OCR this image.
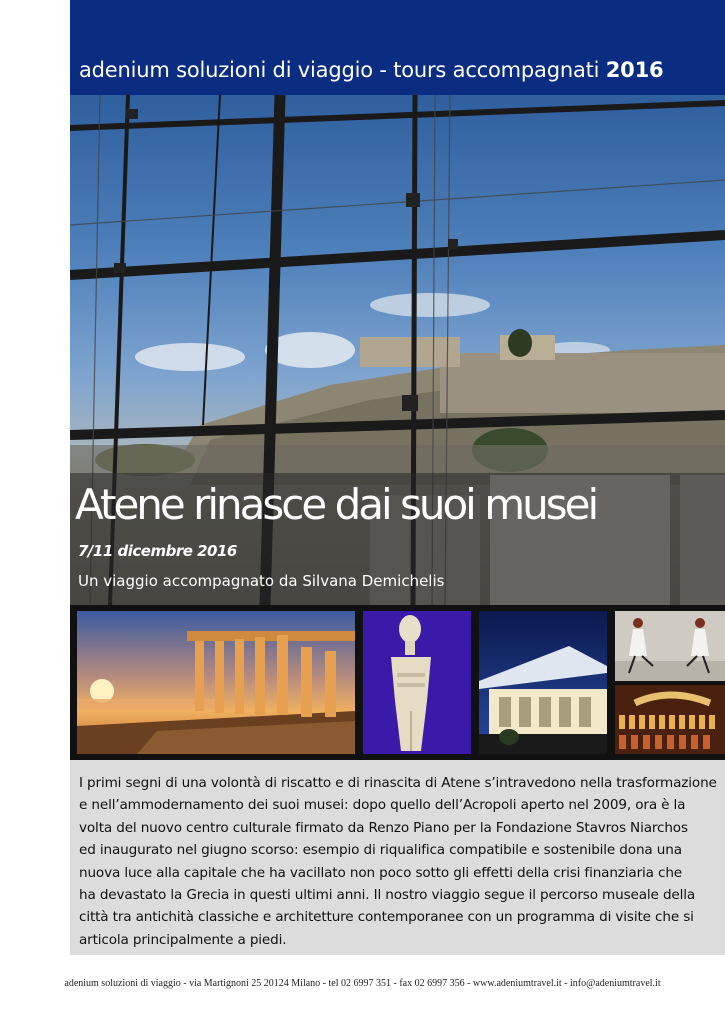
adenium soluzioni di viaggio - tours accompagnati 2016
Atene rinasce dai suoi musei
7/11 dicembre 2016
Un viaggio accompagnato da Silvana Demichelis
I primi segni di una volontà di riscatto e di rinascita di Atene s’intravedono nella trasformazione
e nell’ammodernamento dei suoi musei: dopo quello dell’Acropoli aperto nel 2009, ora è la
volta del nuovo centro culturale firmato da Renzo Piano per la Fondazione Stavros Niarchos
ed inaugurato nel giugno scorso: esempio di riqualifica compatibile e sostenibile dona una
nuova luce alla capitale che ha vacillato non poco sotto gli effetti della crisi finanziaria che
ha devastato la Grecia in questi ultimi anni. Il nostro viaggio segue il percorso museale della
città tra antichità classiche e architetture contemporanee con un programma di visite che si
articola principalmente a piedi.
adenium soluzioni di viaggio - via Martignoni 25 20124 Milano - tel 02 6997 351 - fax 02 6997 356 - www.adeniumtravel.it - info@adeniumtravel.it
